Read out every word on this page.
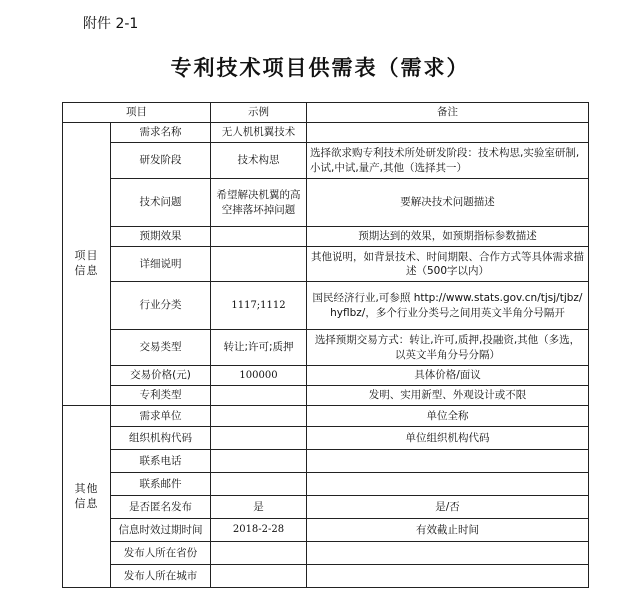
附件 2-1
专利技术项目供需表（需求）
项目		示例	备注
项目
信息	需求名称	无人机机翼技术	
	研发阶段	技术构思	选择欲求购专利技术所处研发阶段：技术构思,实验室研制,小试,中试,量产,其他（选择其一）
	技术问题	希望解决机翼的高空摔落坏掉问题	要解决技术问题描述
	预期效果		预期达到的效果，如预期指标参数描述
	详细说明		其他说明，如背景技术、时间期限、合作方式等具体需求描述（500字以内）
	行业分类	1117;1112	国民经济行业,可参照 http://www.stats.gov.cn/tjsj/tjbz/hyflbz/，多个行业分类号之间用英文半角分号隔开
	交易类型	转让;许可;质押	选择预期交易方式：转让,许可,质押,投融资,其他（多选，以英文半角分号分隔）
	交易价格(元)	100000	具体价格/面议
	专利类型		发明、实用新型、外观设计或不限
其他
信息	需求单位		单位全称
	组织机构代码		单位组织机构代码
	联系电话		
	联系邮件		
	是否匿名发布	是	是/否
	信息时效过期时间	2018-2-28	有效截止时间
	发布人所在省份		
	发布人所在城市		
